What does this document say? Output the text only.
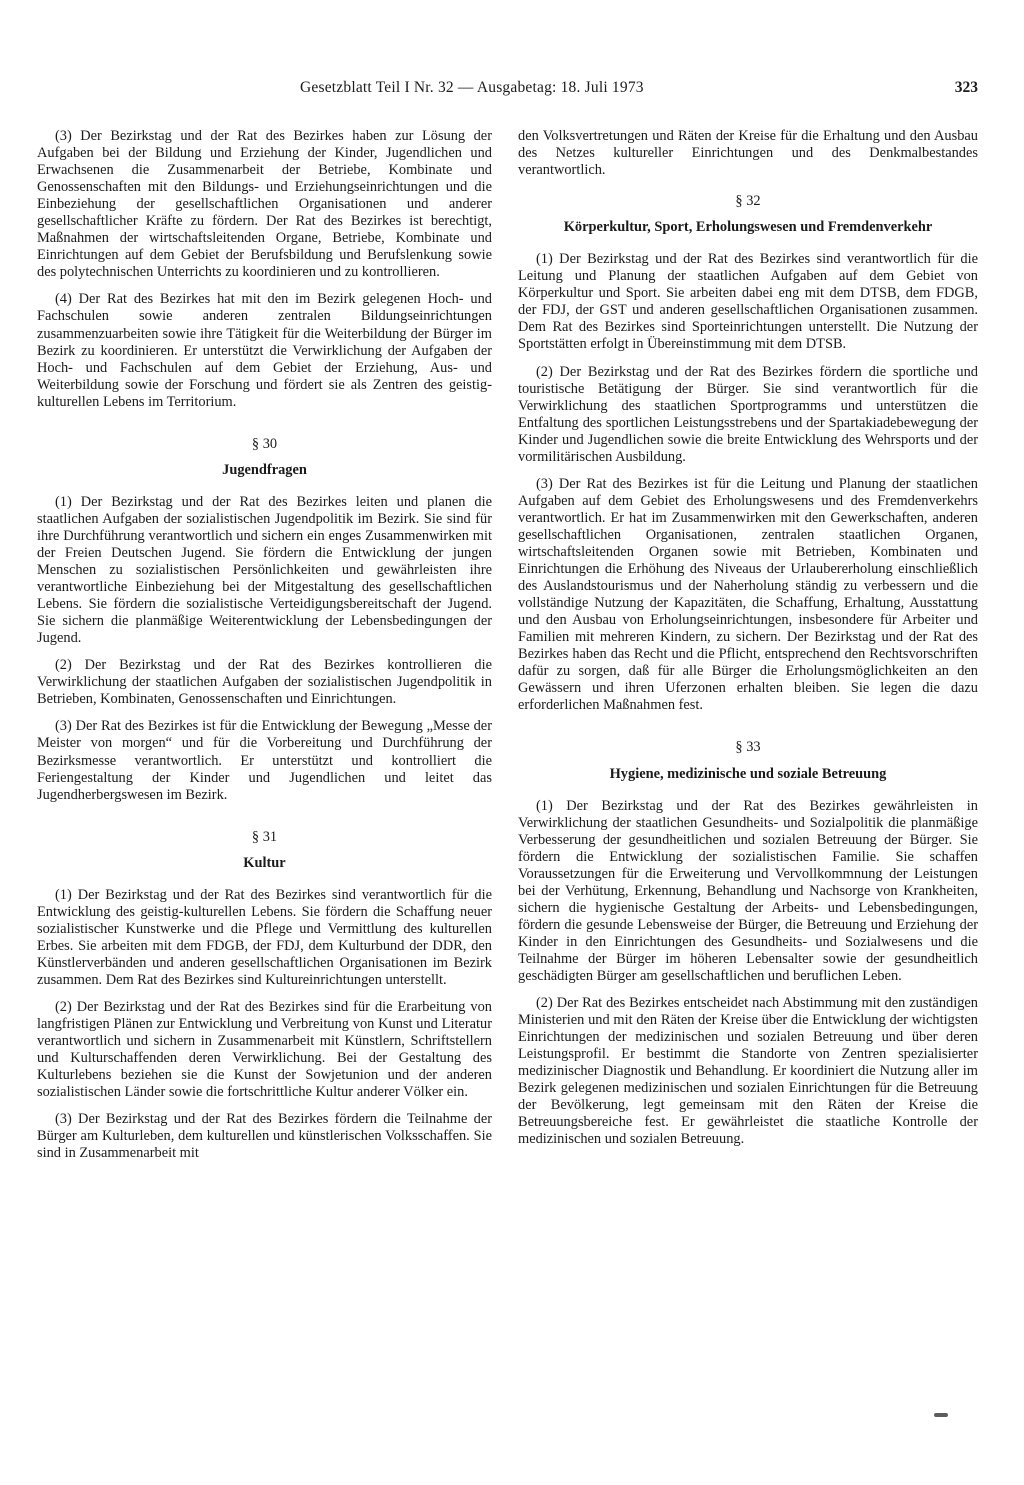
Gesetzblatt Teil I Nr. 32 — Ausgabetag: 18. Juli 1973	323

(3) Der Bezirkstag und der Rat des Bezirkes haben zur Lösung der Aufgaben bei der Bildung und Erziehung der Kinder, Jugendlichen und Erwachsenen die Zusammenarbeit der Betriebe, Kombinate und Genossenschaften mit den Bildungs- und Erziehungseinrichtungen und die Einbeziehung der gesellschaftlichen Organisationen und anderer gesellschaftlicher Kräfte zu fördern. Der Rat des Bezirkes ist berechtigt, Maßnahmen der wirtschaftsleitenden Organe, Betriebe, Kombinate und Einrichtungen auf dem Gebiet der Berufsbildung und Berufslenkung sowie des polytechnischen Unterrichts zu koordinieren und zu kontrollieren.

(4) Der Rat des Bezirkes hat mit den im Bezirk gelegenen Hoch- und Fachschulen sowie anderen zentralen Bildungseinrichtungen zusammenzuarbeiten sowie ihre Tätigkeit für die Weiterbildung der Bürger im Bezirk zu koordinieren. Er unterstützt die Verwirklichung der Aufgaben der Hoch- und Fachschulen auf dem Gebiet der Erziehung, Aus- und Weiterbildung sowie der Forschung und fördert sie als Zentren des geistig-kulturellen Lebens im Territorium.

§ 30

Jugendfragen

(1) Der Bezirkstag und der Rat des Bezirkes leiten und planen die staatlichen Aufgaben der sozialistischen Jugendpolitik im Bezirk. Sie sind für ihre Durchführung verantwortlich und sichern ein enges Zusammenwirken mit der Freien Deutschen Jugend. Sie fördern die Entwicklung der jungen Menschen zu sozialistischen Persönlichkeiten und gewährleisten ihre verantwortliche Einbeziehung bei der Mitgestaltung des gesellschaftlichen Lebens. Sie fördern die sozialistische Verteidigungsbereitschaft der Jugend. Sie sichern die planmäßige Weiterentwicklung der Lebensbedingungen der Jugend.

(2) Der Bezirkstag und der Rat des Bezirkes kontrollieren die Verwirklichung der staatlichen Aufgaben der sozialistischen Jugendpolitik in Betrieben, Kombinaten, Genossenschaften und Einrichtungen.

(3) Der Rat des Bezirkes ist für die Entwicklung der Bewegung „Messe der Meister von morgen“ und für die Vorbereitung und Durchführung der Bezirksmesse verantwortlich. Er unterstützt und kontrolliert die Feriengestaltung der Kinder und Jugendlichen und leitet das Jugendherbergswesen im Bezirk.

§ 31

Kultur

(1) Der Bezirkstag und der Rat des Bezirkes sind verantwortlich für die Entwicklung des geistig-kulturellen Lebens. Sie fördern die Schaffung neuer sozialistischer Kunstwerke und die Pflege und Vermittlung des kulturellen Erbes. Sie arbeiten mit dem FDGB, der FDJ, dem Kulturbund der DDR, den Künstlerverbänden und anderen gesellschaftlichen Organisationen im Bezirk zusammen. Dem Rat des Bezirkes sind Kultureinrichtungen unterstellt.

(2) Der Bezirkstag und der Rat des Bezirkes sind für die Erarbeitung von langfristigen Plänen zur Entwicklung und Verbreitung von Kunst und Literatur verantwortlich und sichern in Zusammenarbeit mit Künstlern, Schriftstellern und Kulturschaffenden deren Verwirklichung. Bei der Gestaltung des Kulturlebens beziehen sie die Kunst der Sowjetunion und der anderen sozialistischen Länder sowie die fortschrittliche Kultur anderer Völker ein.

(3) Der Bezirkstag und der Rat des Bezirkes fördern die Teilnahme der Bürger am Kulturleben, dem kulturellen und künstlerischen Volksschaffen. Sie sind in Zusammenarbeit mit

den Volksvertretungen und Räten der Kreise für die Erhaltung und den Ausbau des Netzes kultureller Einrichtungen und des Denkmalbestandes verantwortlich.

§ 32

Körperkultur, Sport, Erholungswesen und Fremdenverkehr

(1) Der Bezirkstag und der Rat des Bezirkes sind verantwortlich für die Leitung und Planung der staatlichen Aufgaben auf dem Gebiet von Körperkultur und Sport. Sie arbeiten dabei eng mit dem DTSB, dem FDGB, der FDJ, der GST und anderen gesellschaftlichen Organisationen zusammen. Dem Rat des Bezirkes sind Sporteinrichtungen unterstellt. Die Nutzung der Sportstätten erfolgt in Übereinstimmung mit dem DTSB.

(2) Der Bezirkstag und der Rat des Bezirkes fördern die sportliche und touristische Betätigung der Bürger. Sie sind verantwortlich für die Verwirklichung des staatlichen Sportprogramms und unterstützen die Entfaltung des sportlichen Leistungsstrebens und der Spartakiadebewegung der Kinder und Jugendlichen sowie die breite Entwicklung des Wehrsports und der vormilitärischen Ausbildung.

(3) Der Rat des Bezirkes ist für die Leitung und Planung der staatlichen Aufgaben auf dem Gebiet des Erholungswesens und des Fremdenverkehrs verantwortlich. Er hat im Zusammenwirken mit den Gewerkschaften, anderen gesellschaftlichen Organisationen, zentralen staatlichen Organen, wirtschaftsleitenden Organen sowie mit Betrieben, Kombinaten und Einrichtungen die Erhöhung des Niveaus der Urlaubererholung einschließlich des Auslandstourismus und der Naherholung ständig zu verbessern und die vollständige Nutzung der Kapazitäten, die Schaffung, Erhaltung, Ausstattung und den Ausbau von Erholungseinrichtungen, insbesondere für Arbeiter und Familien mit mehreren Kindern, zu sichern. Der Bezirkstag und der Rat des Bezirkes haben das Recht und die Pflicht, entsprechend den Rechtsvorschriften dafür zu sorgen, daß für alle Bürger die Erholungsmöglichkeiten an den Gewässern und ihren Uferzonen erhalten bleiben. Sie legen die dazu erforderlichen Maßnahmen fest.

§ 33

Hygiene, medizinische und soziale Betreuung

(1) Der Bezirkstag und der Rat des Bezirkes gewährleisten in Verwirklichung der staatlichen Gesundheits- und Sozialpolitik die planmäßige Verbesserung der gesundheitlichen und sozialen Betreuung der Bürger. Sie fördern die Entwicklung der sozialistischen Familie. Sie schaffen Voraussetzungen für die Erweiterung und Vervollkommnung der Leistungen bei der Verhütung, Erkennung, Behandlung und Nachsorge von Krankheiten, sichern die hygienische Gestaltung der Arbeits- und Lebensbedingungen, fördern die gesunde Lebensweise der Bürger, die Betreuung und Erziehung der Kinder in den Einrichtungen des Gesundheits- und Sozialwesens und die Teilnahme der Bürger im höheren Lebensalter sowie der gesundheitlich geschädigten Bürger am gesellschaftlichen und beruflichen Leben.

(2) Der Rat des Bezirkes entscheidet nach Abstimmung mit den zuständigen Ministerien und mit den Räten der Kreise über die Entwicklung der wichtigsten Einrichtungen der medizinischen und sozialen Betreuung und über deren Leistungsprofil. Er bestimmt die Standorte von Zentren spezialisierter medizinischer Diagnostik und Behandlung. Er koordiniert die Nutzung aller im Bezirk gelegenen medizinischen und sozialen Einrichtungen für die Betreuung der Bevölkerung, legt gemeinsam mit den Räten der Kreise die Betreuungsbereiche fest. Er gewährleistet die staatliche Kontrolle der medizinischen und sozialen Betreuung.
